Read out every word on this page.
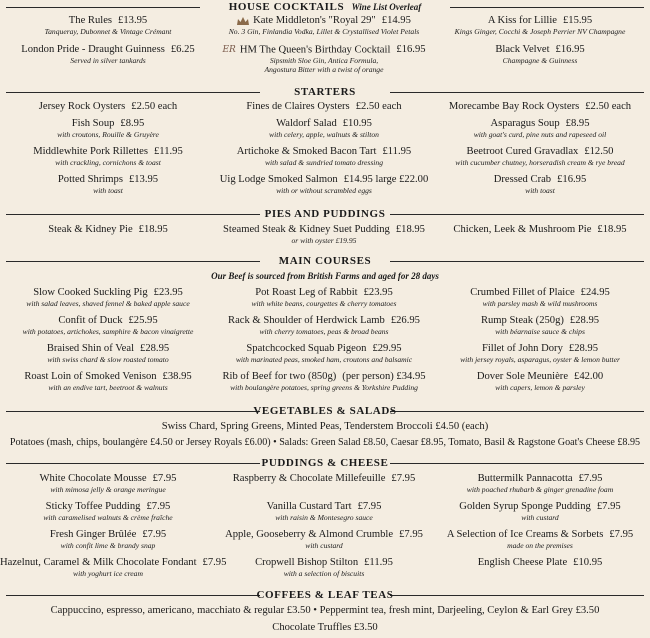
HOUSE COCKTAILS Wine List Overleaf
The Rules £13.95
Tanqueray, Dubonnet & Vintage Crémant
London Pride - Draught Guinness £6.25
Served in silver tankards
Kate Middleton's "Royal 29" £14.95
No. 3 Gin, Finlandia Vodka, Lillet & Crystallised Violet Petals
ER HM The Queen's Birthday Cocktail £16.95
Sipsmith Sloe Gin, Antica Formula,
Angostura Bitter with a twist of orange
A Kiss for Lillie £15.95
Kings Ginger, Cocchi & Joseph Perrier NV Champagne
Black Velvet £16.95
Champagne & Guinness
STARTERS
Jersey Rock Oysters £2.50 each
Fish Soup £8.95
with croutons, Rouille & Gruyère
Middlewhite Pork Rillettes £11.95
with crackling, cornichons & toast
Potted Shrimps £13.95
with toast
Fines de Claires Oysters £2.50 each
Waldorf Salad £10.95
with celery, apple, walnuts & stilton
Artichoke & Smoked Bacon Tart £11.95
with salad & sundried tomato dressing
Uig Lodge Smoked Salmon £14.95 large £22.00
with or without scrambled eggs
Morecambe Bay Rock Oysters £2.50 each
Asparagus Soup £8.95
with goat's curd, pine nuts and rapeseed oil
Beetroot Cured Gravadlax £12.50
with cucumber chutney, horseradish cream & rye bread
Dressed Crab £16.95
with toast
PIES AND PUDDINGS
Steak & Kidney Pie £18.95	Steamed Steak & Kidney Suet Pudding £18.95
or with oyster £19.95
Chicken, Leek & Mushroom Pie £18.95
MAIN COURSES
Our Beef is sourced from British Farms and aged for 28 days
Slow Cooked Suckling Pig £23.95
with salad leaves, shaved fennel & baked apple sauce
Confit of Duck £25.95
with potatoes, artichokes, samphire & bacon vinaigrette
Braised Shin of Veal £28.95
with swiss chard & slow roasted tomato
Roast Loin of Smoked Venison £38.95
with an endive tart, beetroot & walnuts
Pot Roast Leg of Rabbit £23.95
with white beans, courgettes & cherry tomatoes
Rack & Shoulder of Herdwick Lamb £26.95
with cherry tomatoes, peas & broad beans
Spatchcocked Squab Pigeon £29.95
with marinated peas, smoked ham, croutons and balsamic
Rib of Beef for two (850g) (per person) £34.95
with boulangère potatoes, spring greens & Yorkshire Pudding
Crumbed Fillet of Plaice £24.95
with parsley mash & wild mushrooms
Rump Steak (250g) £28.95
with béarnaise sauce & chips
Fillet of John Dory £28.95
with jersey royals, asparagus, oyster & lemon butter
Dover Sole Meunière £42.00
with capers, lemon & parsley
VEGETABLES & SALADS
Swiss Chard, Spring Greens, Minted Peas, Tenderstem Broccoli £4.50 (each)
Potatoes (mash, chips, boulangère £4.50 or Jersey Royals £6.00) • Salads: Green Salad £8.50, Caesar £8.95, Tomato, Basil & Ragstone Goat's Cheese £8.95
PUDDINGS & CHEESE
White Chocolate Mousse £7.95
with mimosa jelly & orange meringue
Sticky Toffee Pudding £7.95
with caramelised walnuts & crème fraîche
Fresh Ginger Brûlée £7.95
with confit lime & brandy snap
Hazelnut, Caramel & Milk Chocolate Fondant £7.95
with yoghurt ice cream
Raspberry & Chocolate Millefeuille £7.95
Vanilla Custard Tart £7.95
with raisin & Montesegro sauce
Apple, Gooseberry & Almond Crumble £7.95
with custard
Cropwell Bishop Stilton £11.95
with a selection of biscuits
Buttermilk Pannacotta £7.95
with poached rhubarb & ginger grenadine foam
Golden Syrup Sponge Pudding £7.95
with custard
A Selection of Ice Creams & Sorbets £7.95
made on the premises
English Cheese Plate £10.95
COFFEES & LEAF TEAS
Cappuccino, espresso, americano, macchiato & regular £3.50 • Peppermint tea, fresh mint, Darjeeling, Ceylon & Earl Grey £3.50
Chocolate Truffles £3.50
